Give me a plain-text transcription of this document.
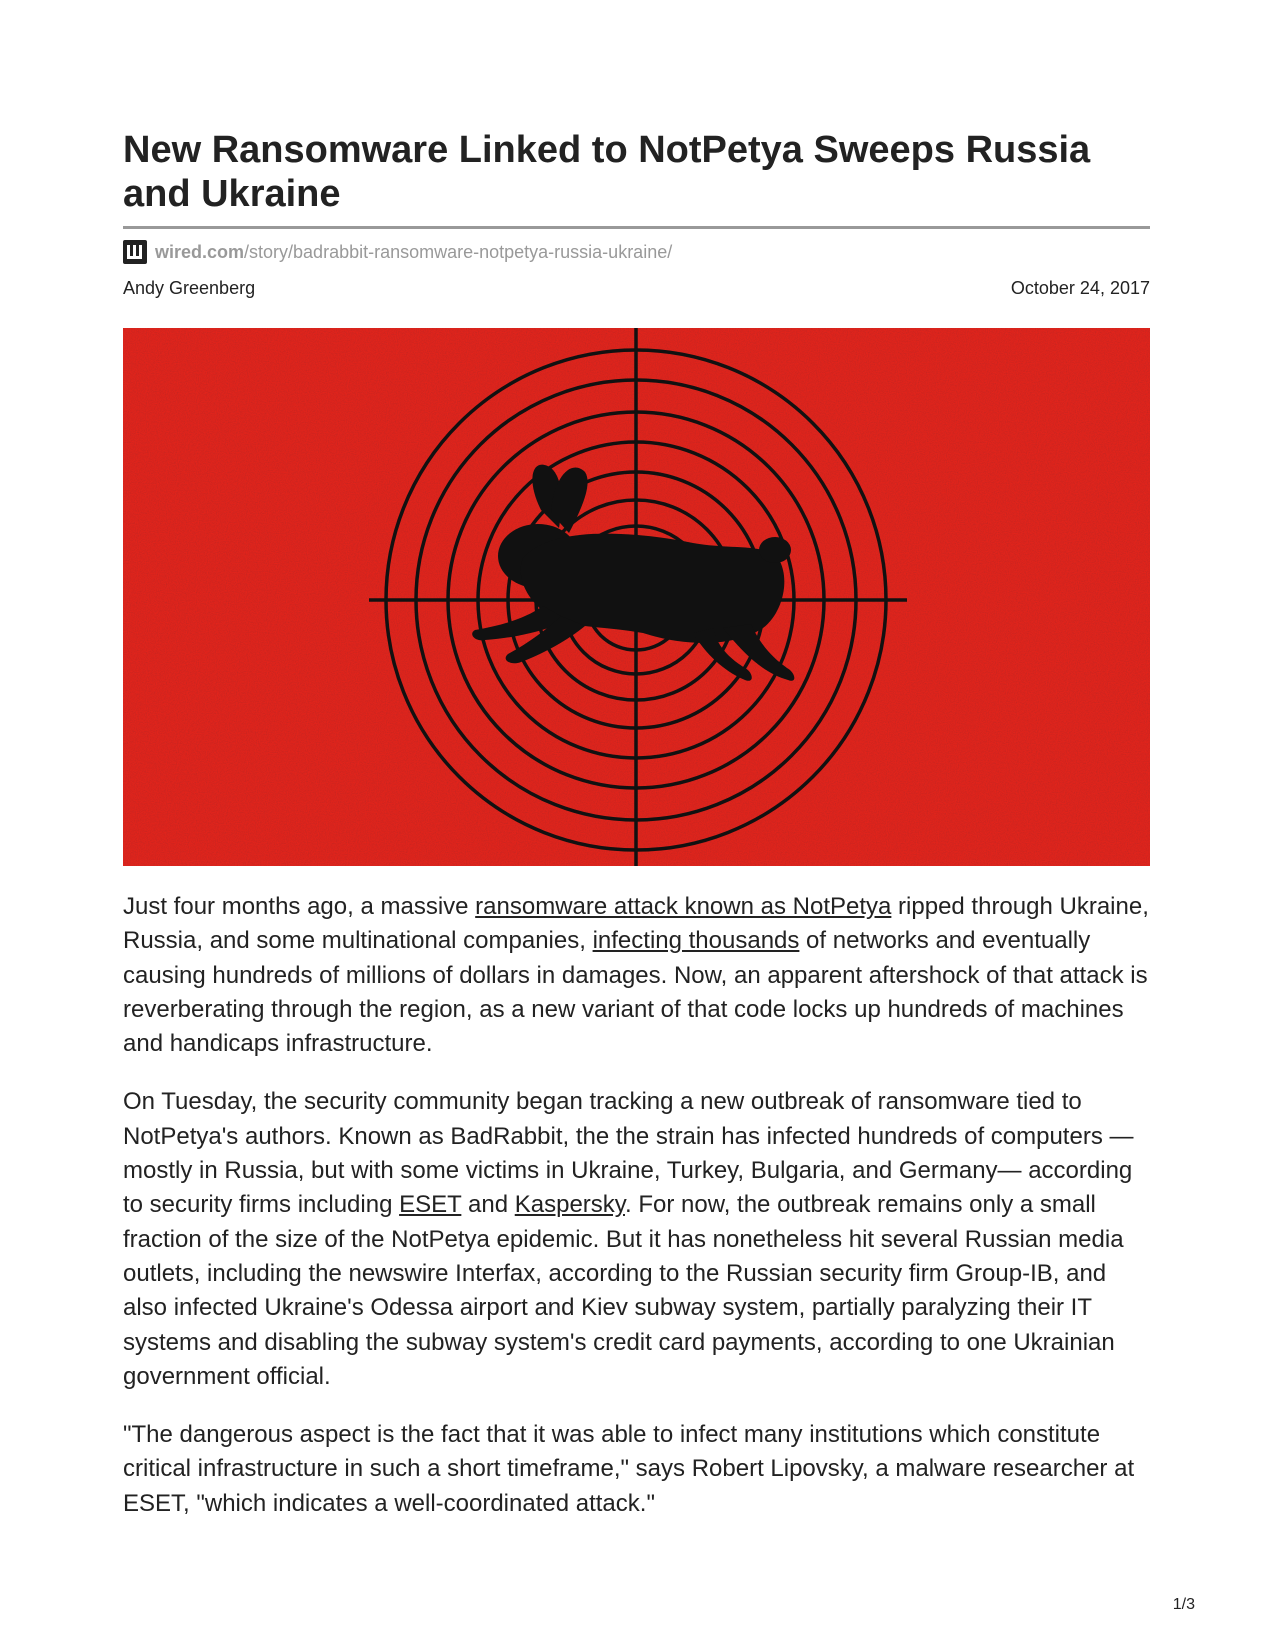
New Ransomware Linked to NotPetya Sweeps Russia and Ukraine
wired.com /story/badrabbit-ransomware-notpetya-russia-ukraine/
Andy Greenberg	October 24, 2017

Just four months ago, a massive ransomware attack known as NotPetya ripped through Ukraine, Russia, and some multinational companies, infecting thousands of networks and eventually causing hundreds of millions of dollars in damages. Now, an apparent aftershock of that attack is reverberating through the region, as a new variant of that code locks up hundreds of machines and handicaps infrastructure.

On Tuesday, the security community began tracking a new outbreak of ransomware tied to NotPetya's authors. Known as BadRabbit, the the strain has infected hundreds of computers —mostly in Russia, but with some victims in Ukraine, Turkey, Bulgaria, and Germany— according to security firms including ESET and Kaspersky. For now, the outbreak remains only a small fraction of the size of the NotPetya epidemic. But it has nonetheless hit several Russian media outlets, including the newswire Interfax, according to the Russian security firm Group-IB, and also infected Ukraine's Odessa airport and Kiev subway system, partially paralyzing their IT systems and disabling the subway system's credit card payments, according to one Ukrainian government official.

"The dangerous aspect is the fact that it was able to infect many institutions which constitute critical infrastructure in such a short timeframe," says Robert Lipovsky, a malware researcher at ESET, "which indicates a well-coordinated attack."

1/3
